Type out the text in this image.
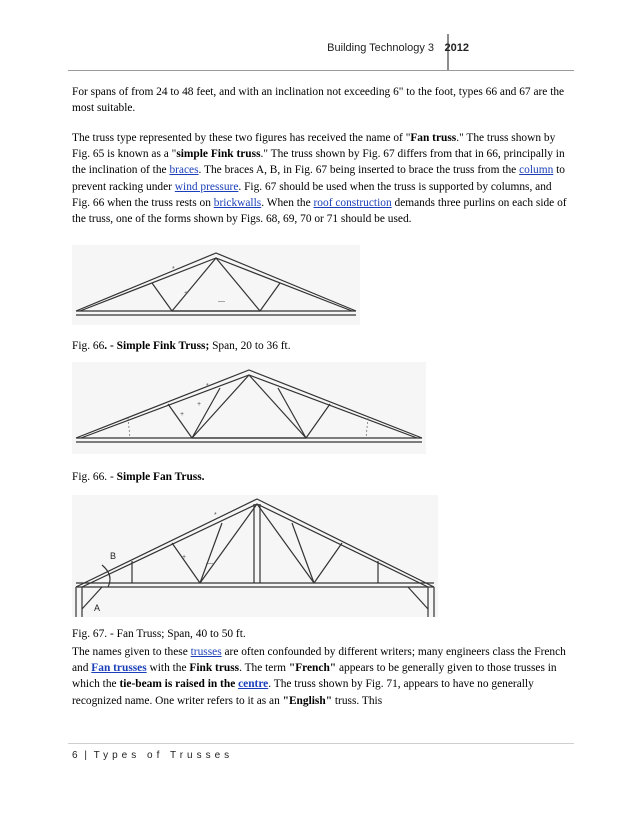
Building Technology 3 2012

For spans of from 24 to 48 feet, and with an inclination not exceeding 6" to the foot, types 66 and 67 are the most suitable.

The truss type represented by these two figures has received the name of "Fan truss." The truss shown by Fig. 65 is known as a "simple Fink truss." The truss shown by Fig. 67 differs from that in 66, principally in the inclination of the braces. The braces A, B, in Fig. 67 being inserted to brace the truss from the column to prevent racking under wind pressure. Fig. 67 should be used when the truss is supported by columns, and Fig. 66 when the truss rests on brickwalls. When the roof construction demands three purlins on each side of the truss, one of the forms shown by Figs. 68, 69, 70 or 71 should be used.

*
+
—
Fig. 66. - Simple Fink Truss; Span, 20 to 36 ft.
*
+
+
Fig. 66. - Simple Fan Truss.
B
A
*
+
—
Fig. 67. - Fan Truss; Span, 40 to 50 ft.

The names given to these trusses are often confounded by different writers; many engineers class the French and Fan trusses with the Fink truss. The term "French" appears to be generally given to those trusses in which the tie-beam is raised in the centre. The truss shown by Fig. 71, appears to have no generally recognized name. One writer refers to it as an "English" truss. This

6 | Types of Trusses
